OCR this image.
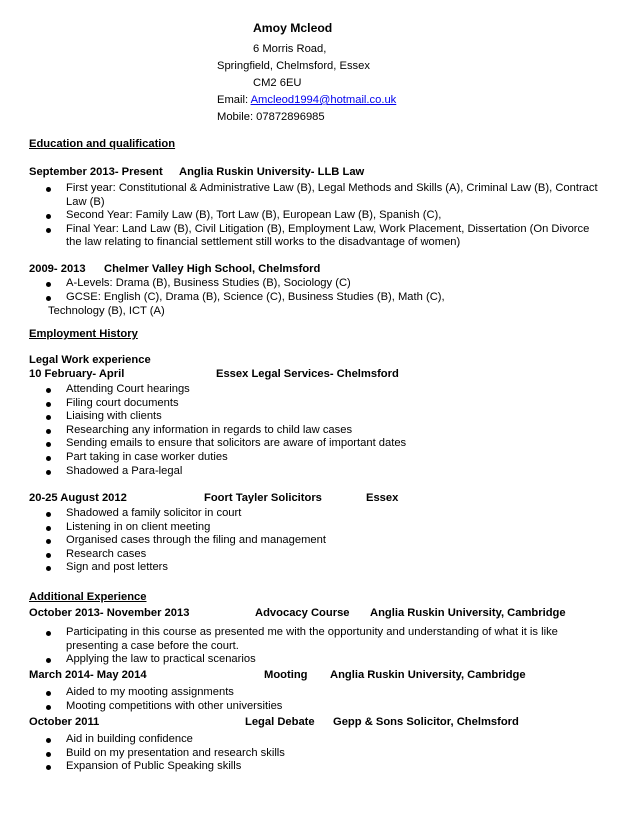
Amoy Mcleod
6 Morris Road,
Springfield, Chelmsford, Essex
CM2 6EU
Email: Amcleod1994@hotmail.co.uk
Mobile: 07872896985
Education and qualification
September 2013- Present Anglia Ruskin University- LLB Law
First year: Constitutional & Administrative Law (B), Legal Methods and Skills (A), Criminal Law (B), Contract Law (B)
Second Year: Family Law (B), Tort Law (B), European Law (B), Spanish (C),
Final Year: Land Law (B), Civil Litigation (B), Employment Law, Work Placement, Dissertation (On Divorce the law relating to financial settlement still works to the disadvantage of women)
2009- 2013 Chelmer Valley High School, Chelmsford
A-Levels: Drama (B), Business Studies (B), Sociology (C)
GCSE: English (C), Drama (B), Science (C), Business Studies (B), Math (C),
Technology (B), ICT (A)
Employment History
Legal Work experience
10 February- April	Essex Legal Services- Chelmsford
Attending Court hearings
Filing court documents
Liaising with clients
Researching any information in regards to child law cases
Sending emails to ensure that solicitors are aware of important dates
Part taking in case worker duties
Shadowed a Para-legal
20-25 August 2012	Foort Tayler Solicitors	Essex
Shadowed a family solicitor in court
Listening in on client meeting
Organised cases through the filing and management
Research cases
Sign and post letters
Additional Experience
October 2013- November 2013	Advocacy Course Anglia Ruskin University, Cambridge
Participating in this course as presented me with the opportunity and understanding of what it is like presenting a case before the court.
Applying the law to practical scenarios
March 2014- May 2014	Mooting Anglia Ruskin University, Cambridge
Aided to my mooting assignments
Mooting competitions with other universities
October 2011	Legal Debate Gepp & Sons Solicitor, Chelmsford
Aid in building confidence
Build on my presentation and research skills
Expansion of Public Speaking skills
